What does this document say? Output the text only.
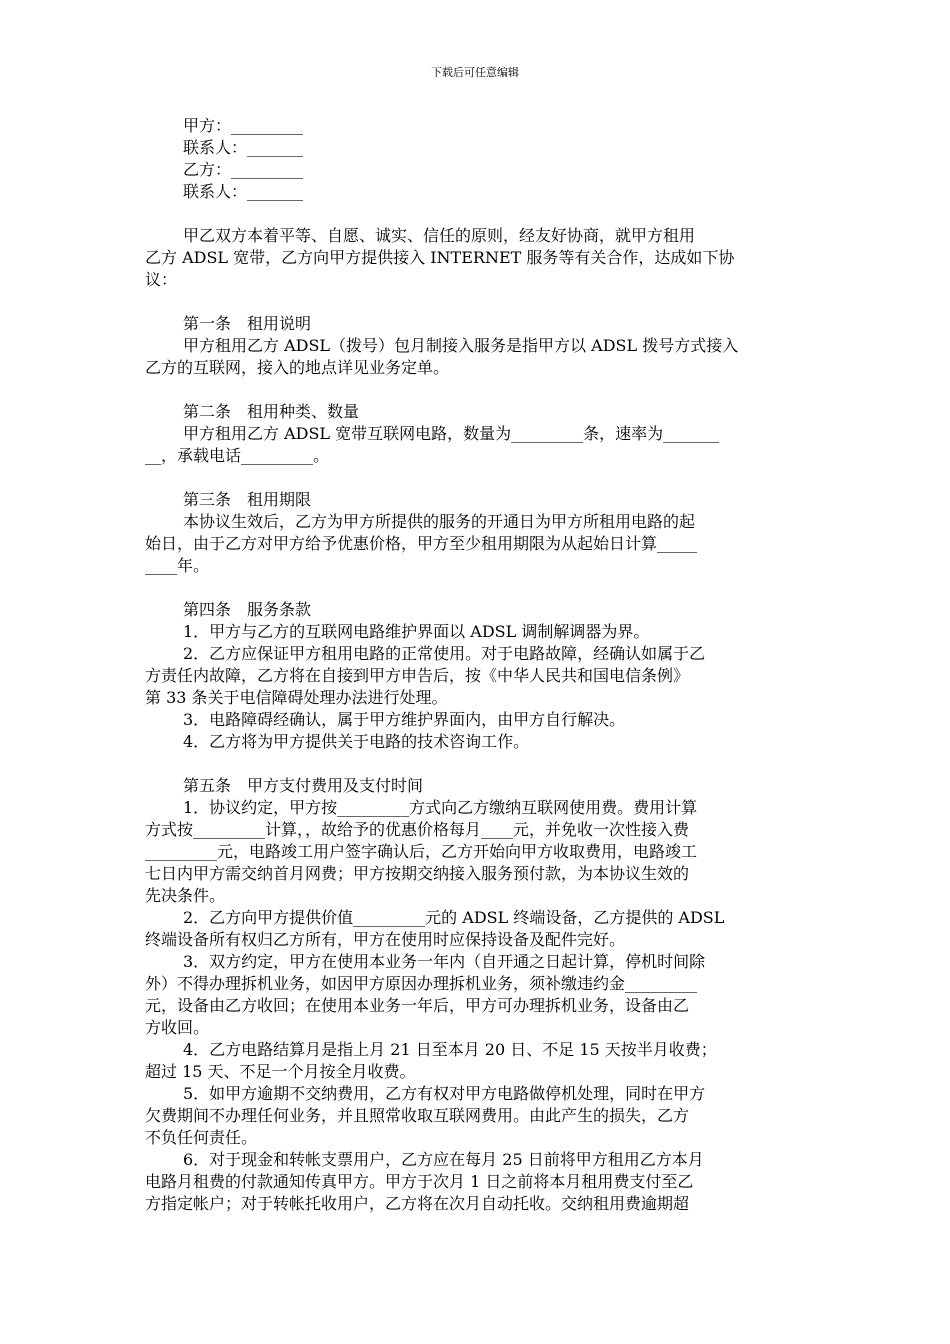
下载后可任意编辑
甲方：_________
联系人：_______
乙方：_________
联系人：_______
甲乙双方本着平等、自愿、诚实、信任的原则，经友好协商，就甲方租用
乙方 ADSL 宽带，乙方向甲方提供接入 INTERNET 服务等有关合作，达成如下协
议：
第一条　租用说明
甲方租用乙方 ADSL（拨号）包月制接入服务是指甲方以 ADSL 拨号方式接入
乙方的互联网，接入的地点详见业务定单。
第二条　租用种类、数量
甲方租用乙方 ADSL 宽带互联网电路，数量为_________条，速率为_______
__，承载电话_________。
第三条　租用期限
本协议生效后，乙方为甲方所提供的服务的开通日为甲方所租用电路的起
始日，由于乙方对甲方给予优惠价格，甲方至少租用期限为从起始日计算_____
____年。
第四条　服务条款
1．甲方与乙方的互联网电路维护界面以 ADSL 调制解调器为界。
2．乙方应保证甲方租用电路的正常使用。对于电路故障，经确认如属于乙
方责任内故障，乙方将在自接到甲方申告后，按《中华人民共和国电信条例》
第 33 条关于电信障碍处理办法进行处理。
3．电路障碍经确认，属于甲方维护界面内，由甲方自行解决。
4．乙方将为甲方提供关于电路的技术咨询工作。
第五条　甲方支付费用及支付时间
1．协议约定，甲方按_________方式向乙方缴纳互联网使用费。费用计算
方式按_________计算，，故给予的优惠价格每月____元，并免收一次性接入费
_________元，电路竣工用户签字确认后，乙方开始向甲方收取费用，电路竣工
七日内甲方需交纳首月网费；甲方按期交纳接入服务预付款，为本协议生效的
先决条件。
2．乙方向甲方提供价值_________元的 ADSL 终端设备，乙方提供的 ADSL
终端设备所有权归乙方所有，甲方在使用时应保持设备及配件完好。
3．双方约定，甲方在使用本业务一年内（自开通之日起计算，停机时间除
外）不得办理拆机业务，如因甲方原因办理拆机业务，须补缴违约金_________
元，设备由乙方收回；在使用本业务一年后，甲方可办理拆机业务，设备由乙
方收回。
4．乙方电路结算月是指上月 21 日至本月 20 日、不足 15 天按半月收费；
超过 15 天、不足一个月按全月收费。
5．如甲方逾期不交纳费用，乙方有权对甲方电路做停机处理，同时在甲方
欠费期间不办理任何业务，并且照常收取互联网费用。由此产生的损失，乙方
不负任何责任。
6．对于现金和转帐支票用户，乙方应在每月 25 日前将甲方租用乙方本月
电路月租费的付款通知传真甲方。甲方于次月 1 日之前将本月租用费支付至乙
方指定帐户；对于转帐托收用户，乙方将在次月自动托收。交纳租用费逾期超
